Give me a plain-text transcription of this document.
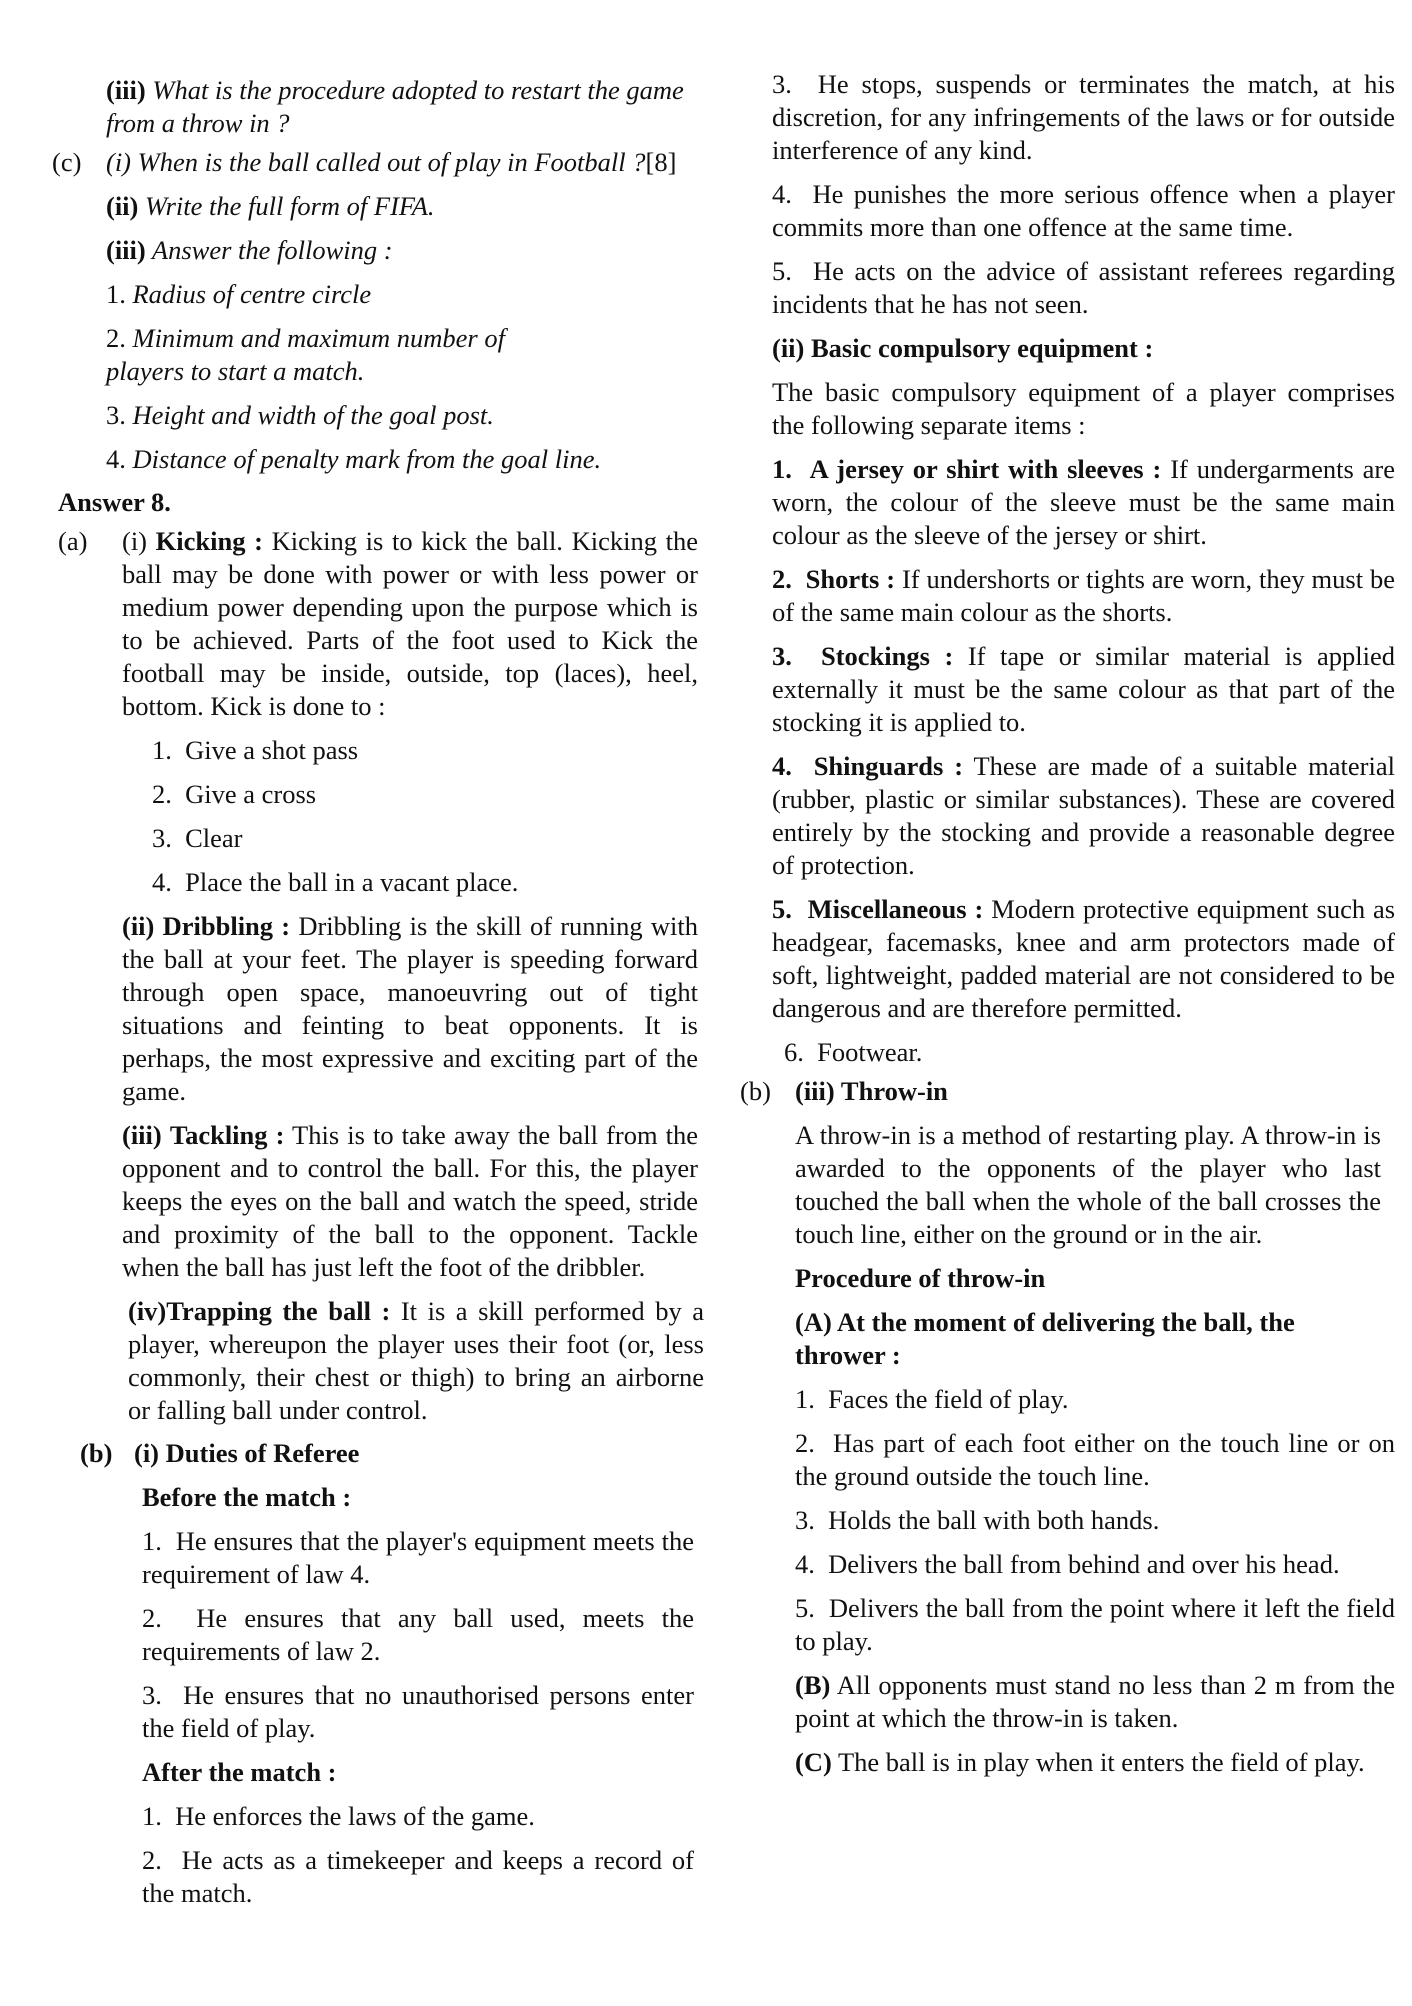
(iii) What is the procedure adopted to restart the game from a throw in ?

(c) (i) When is the ball called out of play in Football ?[8]

(ii) Write the full form of FIFA.

(iii) Answer the following :

1. Radius of centre circle

2. Minimum and maximum number of players to start a match.

3. Height and width of the goal post.

4. Distance of penalty mark from the goal line.

Answer 8.

(a) (i) Kicking : Kicking is to kick the ball. Kicking the ball may be done with power or with less power or medium power depending upon the purpose which is to be achieved. Parts of the foot used to Kick the football may be inside, outside, top (laces), heel, bottom. Kick is done to :

1. Give a shot pass

2. Give a cross

3. Clear

4. Place the ball in a vacant place.

(ii) Dribbling : Dribbling is the skill of running with the ball at your feet. The player is speeding forward through open space, manoeuvring out of tight situations and feinting to beat opponents. It is perhaps, the most expressive and exciting part of the game.

(iii) Tackling : This is to take away the ball from the opponent and to control the ball. For this, the player keeps the eyes on the ball and watch the speed, stride and proximity of the ball to the opponent. Tackle when the ball has just left the foot of the dribbler.

(iv)Trapping the ball : It is a skill performed by a player, whereupon the player uses their foot (or, less commonly, their chest or thigh) to bring an airborne or falling ball under control.

(b) (i) Duties of Referee

Before the match :

1. He ensures that the player's equipment meets the requirement of law 4.

2. He ensures that any ball used, meets the requirements of law 2.

3. He ensures that no unauthorised persons enter the field of play.

After the match :

1. He enforces the laws of the game.

2. He acts as a timekeeper and keeps a record of the match.

3. He stops, suspends or terminates the match, at his discretion, for any infringements of the laws or for outside interference of any kind.

4. He punishes the more serious offence when a player commits more than one offence at the same time.

5. He acts on the advice of assistant referees regarding incidents that he has not seen.

(ii) Basic compulsory equipment :

The basic compulsory equipment of a player comprises the following separate items :

1. A jersey or shirt with sleeves : If undergarments are worn, the colour of the sleeve must be the same main colour as the sleeve of the jersey or shirt.

2. Shorts : If undershorts or tights are worn, they must be of the same main colour as the shorts.

3. Stockings : If tape or similar material is applied externally it must be the same colour as that part of the stocking it is applied to.

4. Shinguards : These are made of a suitable material (rubber, plastic or similar substances). These are covered entirely by the stocking and provide a reasonable degree of protection.

5. Miscellaneous : Modern protective equipment such as headgear, facemasks, knee and arm protectors made of soft, lightweight, padded material are not considered to be dangerous and are therefore permitted.

6. Footwear.

(b) (iii) Throw-in

A throw-in is a method of restarting play. A throw-in is awarded to the opponents of the player who last touched the ball when the whole of the ball crosses the touch line, either on the ground or in the air.

Procedure of throw-in

(A) At the moment of delivering the ball, the thrower :

1. Faces the field of play.

2. Has part of each foot either on the touch line or on the ground outside the touch line.

3. Holds the ball with both hands.

4. Delivers the ball from behind and over his head.

5. Delivers the ball from the point where it left the field to play.

(B) All opponents must stand no less than 2 m from the point at which the throw-in is taken.

(C) The ball is in play when it enters the field of play.
